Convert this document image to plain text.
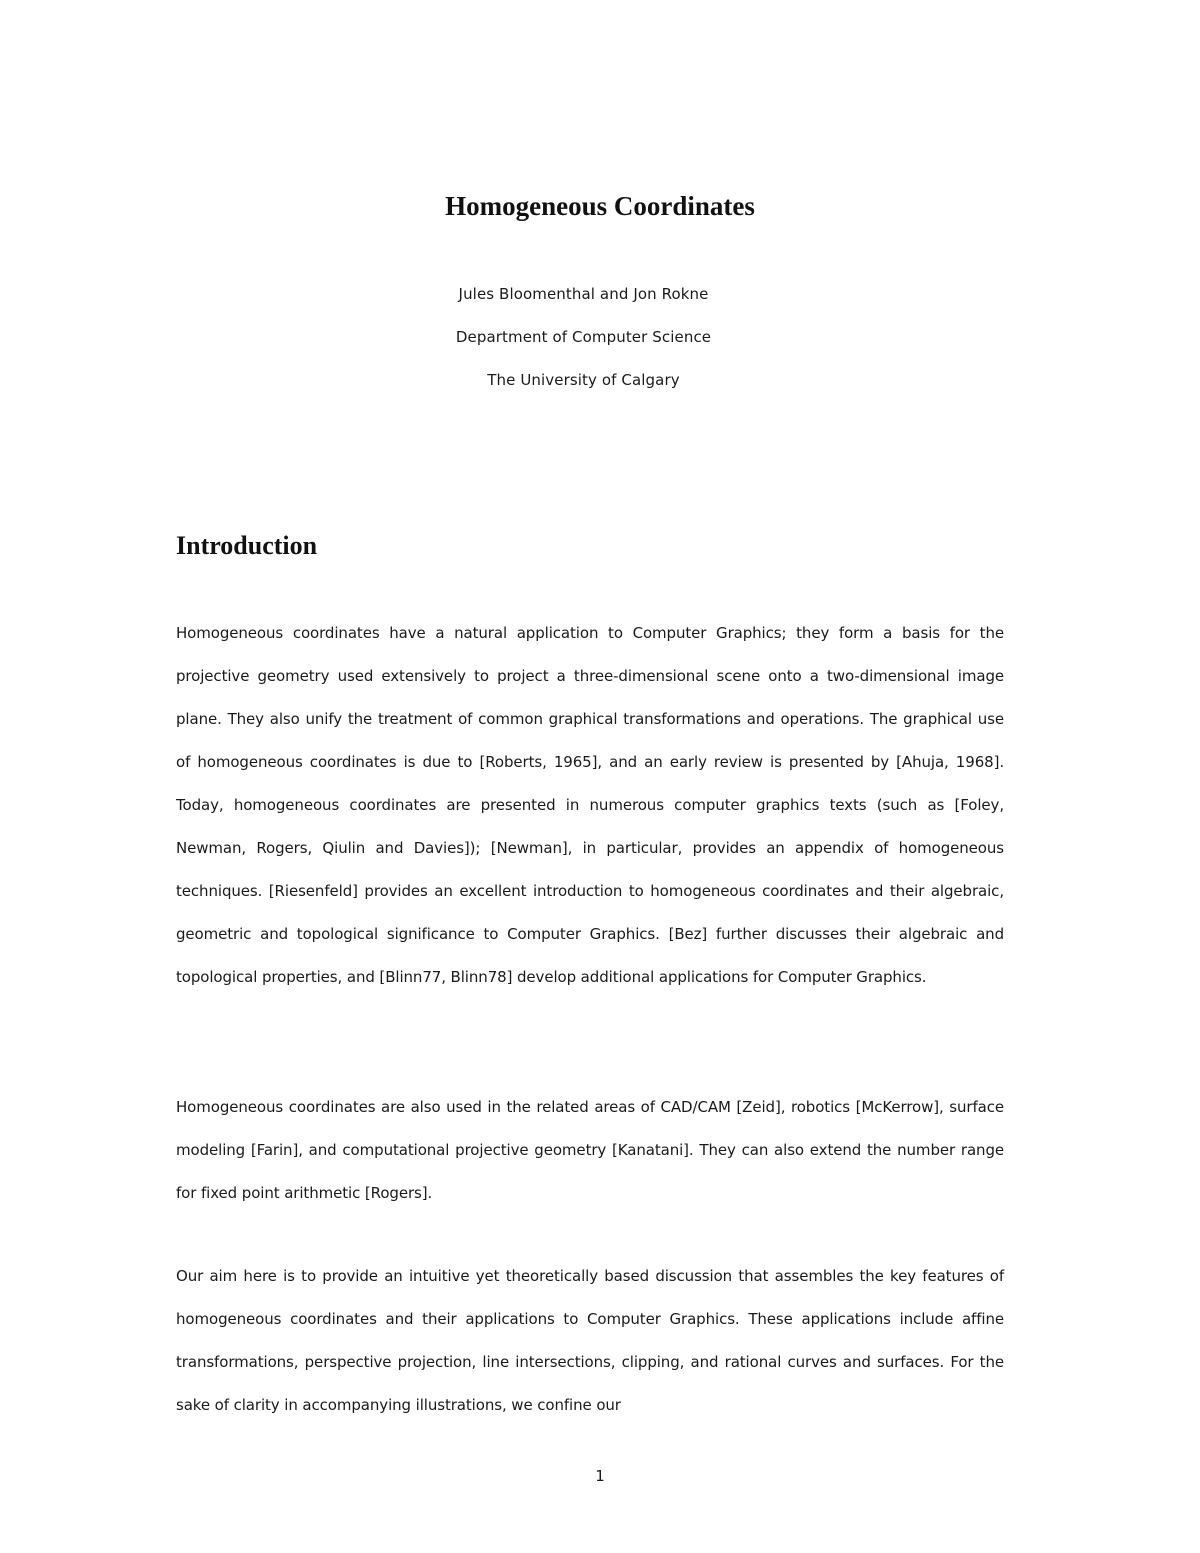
Homogeneous Coordinates
Jules Bloomenthal and Jon Rokne
Department of Computer Science
The University of Calgary
Introduction

Homogeneous coordinates have a natural application to Computer Graphics; they form a basis for the projective geometry used extensively to project a three-dimensional scene onto a two-dimensional image plane. They also unify the treatment of common graphical transformations and operations. The graphical use of homogeneous coordinates is due to [Roberts, 1965], and an early review is presented by [Ahuja, 1968]. Today, homogeneous coordinates are presented in numerous computer graphics texts (such as [Foley, Newman, Rogers, Qiulin and Davies]); [Newman], in particular, provides an appendix of homogeneous techniques. [Riesenfeld] provides an excellent introduction to homogeneous coordinates and their algebraic, geometric and topological significance to Computer Graphics. [Bez] further discusses their algebraic and topological properties, and [Blinn77, Blinn78] develop additional applications for Computer Graphics.

Homogeneous coordinates are also used in the related areas of CAD/CAM [Zeid], robotics [McKerrow], surface modeling [Farin], and computational projective geometry [Kanatani]. They can also extend the number range for fixed point arithmetic [Rogers].

Our aim here is to provide an intuitive yet theoretically based discussion that assembles the key features of homogeneous coordinates and their applications to Computer Graphics. These applications include affine transformations, perspective projection, line intersections, clipping, and rational curves and surfaces. For the sake of clarity in accompanying illustrations, we confine our

1
